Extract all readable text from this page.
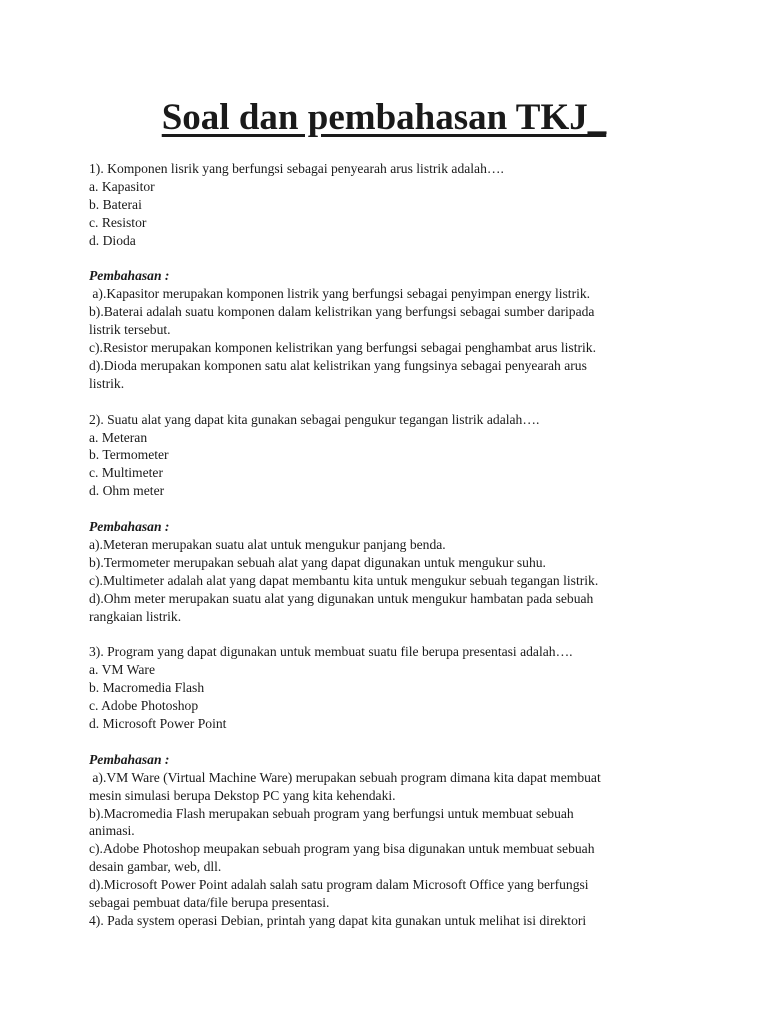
Soal dan pembahasan TKJ_
1). Komponen lisrik yang berfungsi sebagai penyearah arus listrik adalah….
a. Kapasitor
b. Baterai
c. Resistor
d. Dioda
Pembahasan :
a).Kapasitor merupakan komponen listrik yang berfungsi sebagai penyimpan energy listrik.
b).Baterai adalah suatu komponen dalam kelistrikan yang berfungsi sebagai sumber daripada
listrik tersebut.
c).Resistor merupakan komponen kelistrikan yang berfungsi sebagai penghambat arus listrik.
d).Dioda merupakan komponen satu alat kelistrikan yang fungsinya sebagai penyearah arus
listrik.
2). Suatu alat yang dapat kita gunakan sebagai pengukur tegangan listrik adalah….
a. Meteran
b. Termometer
c. Multimeter
d. Ohm meter
Pembahasan :
a).Meteran merupakan suatu alat untuk mengukur panjang benda.
b).Termometer merupakan sebuah alat yang dapat digunakan untuk mengukur suhu.
c).Multimeter adalah alat yang dapat membantu kita untuk mengukur sebuah tegangan listrik.
d).Ohm meter merupakan suatu alat yang digunakan untuk mengukur hambatan pada sebuah
rangkaian listrik.
3). Program yang dapat digunakan untuk membuat suatu file berupa presentasi adalah….
a. VM Ware
b. Macromedia Flash
c. Adobe Photoshop
d. Microsoft Power Point
Pembahasan :
a).VM Ware (Virtual Machine Ware) merupakan sebuah program dimana kita dapat membuat
mesin simulasi berupa Dekstop PC yang kita kehendaki.
b).Macromedia Flash merupakan sebuah program yang berfungsi untuk membuat sebuah
animasi.
c).Adobe Photoshop meupakan sebuah program yang bisa digunakan untuk membuat sebuah
desain gambar, web, dll.
d).Microsoft Power Point adalah salah satu program dalam Microsoft Office yang berfungsi
sebagai pembuat data/file berupa presentasi.
4). Pada system operasi Debian, printah yang dapat kita gunakan untuk melihat isi direktori
